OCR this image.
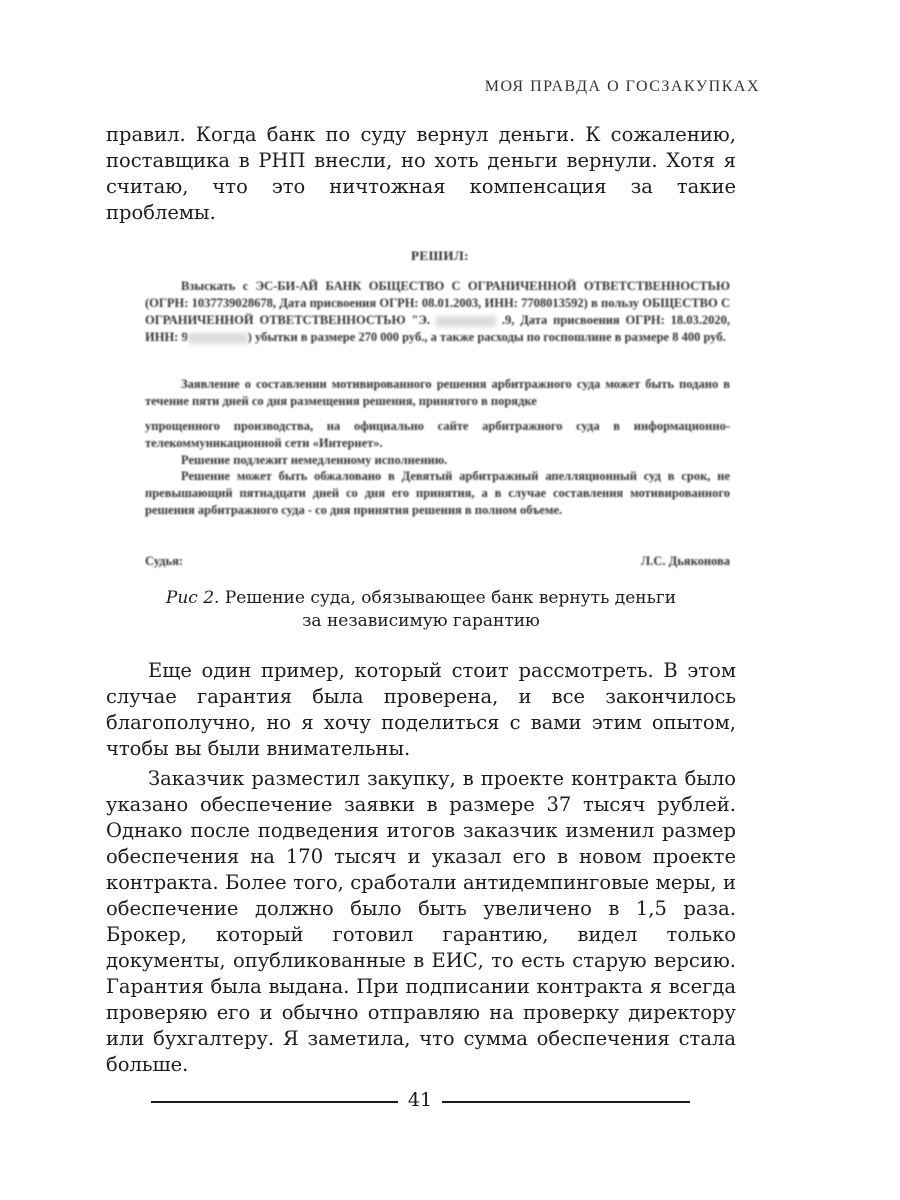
МОЯ ПРАВДА О ГОСЗАКУПКАХ

правил. Когда банк по суду вернул деньги. К сожалению, поставщика в РНП внесли, но хоть деньги вернули. Хотя я считаю, что это ничтожная компенсация за такие проблемы.

РЕШИЛ:

Взыскать с ЭС-БИ-АЙ БАНК ОБЩЕСТВО С ОГРАНИЧЕННОЙ ОТВЕТСТВЕННОСТЬЮ (ОГРН: 1037739028678, Дата присвоения ОГРН: 08.01.2003, ИНН: 7708013592) в пользу ОБЩЕСТВО С ОГРАНИЧЕННОЙ ОТВЕТСТВЕННОСТЬЮ "Э.	.9, Дата присвоения ОГРН: 18.03.2020, ИНН: 9	) убытки в размере 270 000 руб., а также расходы по госпошлине в размере 8 400 руб.

Заявление о составлении мотивированного решения арбитражного суда может быть подано в течение пяти дней со дня размещения решения, принятого в порядке

упрощенного производства, на официально сайте арбитражного суда в информационно-телекоммуникационной сети «Интернет».

Решение подлежит немедленному исполнению.

Решение может быть обжаловано в Девятый арбитражный апелляционный суд в срок, не превышающий пятнадцати дней со дня его принятия, а в случае составления мотивированного решения арбитражного суда - со дня принятия решения в полном объеме.

Судья:	Л.С. Дьяконова
Рис 2. Решение суда, обязывающее банк вернуть деньги
за независимую гарантию

Еще один пример, который стоит рассмотреть. В этом случае гарантия была проверена, и все закончилось благополучно, но я хочу поделиться с вами этим опытом, чтобы вы были внимательны.

Заказчик разместил закупку, в проекте контракта было указано обеспечение заявки в размере 37 тысяч рублей. Однако после подведения итогов заказчик изменил размер обеспечения на 170 тысяч и указал его в новом проекте контракта. Более того, сработали антидемпинговые меры, и обеспечение должно было быть увеличено в 1,5 раза. Брокер, который готовил гарантию, видел только документы, опубликованные в ЕИС, то есть старую версию. Гарантия была выдана. При подписании контракта я всегда проверяю его и обычно отправляю на проверку директору или бухгалтеру. Я заметила, что сумма обеспечения стала больше.

41
